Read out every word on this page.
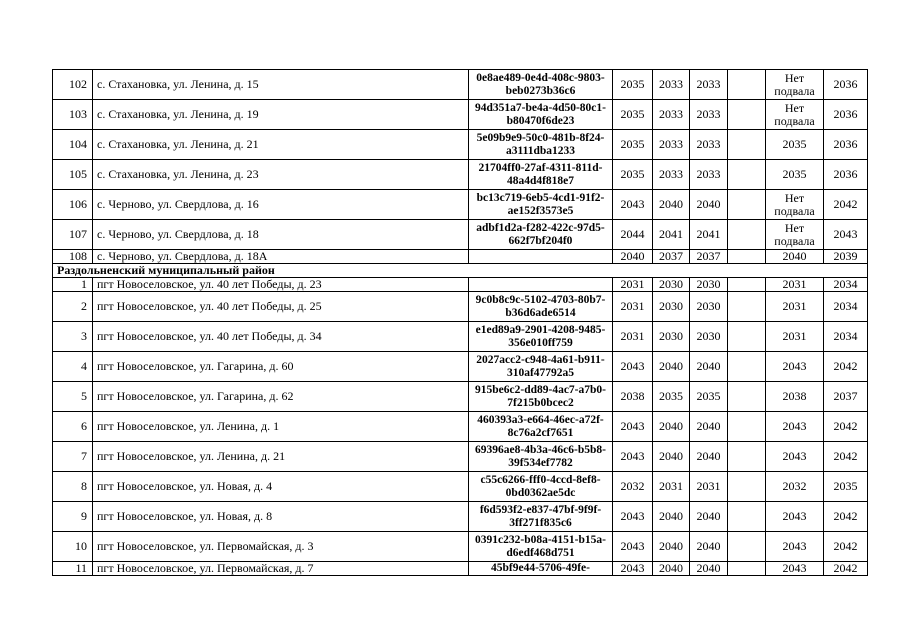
102	с. Стахановка, ул. Ленина, д. 15	0e8ae489-0e4d-408c-9803-beb0273b36c6	2035	2033	2033		Нет подвала	2036
103	с. Стахановка, ул. Ленина, д. 19	94d351a7-be4a-4d50-80c1-b80470f6de23	2035	2033	2033		Нет подвала	2036
104	с. Стахановка, ул. Ленина, д. 21	5e09b9e9-50c0-481b-8f24-a3111dba1233	2035	2033	2033		2035	2036
105	с. Стахановка, ул. Ленина, д. 23	21704ff0-27af-4311-811d-48a4d4f818e7	2035	2033	2033		2035	2036
106	с. Черново, ул. Свердлова, д. 16	bc13c719-6eb5-4cd1-91f2-ae152f3573e5	2043	2040	2040		Нет подвала	2042
107	с. Черново, ул. Свердлова, д. 18	adbf1d2a-f282-422c-97d5-662f7bf204f0	2044	2041	2041		Нет подвала	2043
108	с. Черново, ул. Свердлова, д. 18А		2040	2037	2037		2040	2039
Раздольненский муниципальный район								
1	пгт Новоселовское, ул. 40 лет Победы, д. 23		2031	2030	2030		2031	2034
2	пгт Новоселовское, ул. 40 лет Победы, д. 25	9c0b8c9c-5102-4703-80b7-b36d6ade6514	2031	2030	2030		2031	2034
3	пгт Новоселовское, ул. 40 лет Победы, д. 34	e1ed89a9-2901-4208-9485-356e010ff759	2031	2030	2030		2031	2034
4	пгт Новоселовское, ул. Гагарина, д. 60	2027acc2-c948-4a61-b911-310af47792a5	2043	2040	2040		2043	2042
5	пгт Новоселовское, ул. Гагарина, д. 62	915be6c2-dd89-4ac7-a7b0-7f215b0bcec2	2038	2035	2035		2038	2037
6	пгт Новоселовское, ул. Ленина, д. 1	460393a3-e664-46ec-a72f-8c76a2cf7651	2043	2040	2040		2043	2042
7	пгт Новоселовское, ул. Ленина, д. 21	69396ae8-4b3a-46c6-b5b8-39f534ef7782	2043	2040	2040		2043	2042
8	пгт Новоселовское, ул. Новая, д. 4	c55c6266-fff0-4ccd-8ef8-0bd0362ae5dc	2032	2031	2031		2032	2035
9	пгт Новоселовское, ул. Новая, д. 8	f6d593f2-e837-47bf-9f9f-3ff271f835c6	2043	2040	2040		2043	2042
10	пгт Новоселовское, ул. Первомайская, д. 3	0391c232-b08a-4151-b15a-d6edf468d751	2043	2040	2040		2043	2042
11	пгт Новоселовское, ул. Первомайская, д. 7	45bf9e44-5706-49fe-	2043	2040	2040		2043	2042
